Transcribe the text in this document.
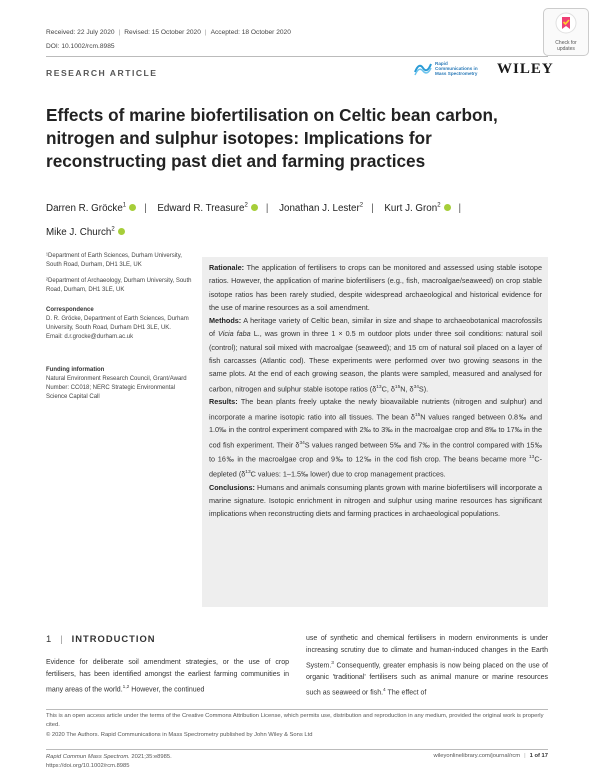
Received: 22 July 2020 | Revised: 15 October 2020 | Accepted: 18 October 2020
DOI: 10.1002/rcm.8985
RESEARCH ARTICLE
Rapid
Communications in
Mass Spectrometry WILEY
Check for
updates
Effects of marine biofertilisation on Celtic bean carbon, nitrogen and sulphur isotopes: Implications for reconstructing past diet and farming practices
Darren R. Gröcke$^1$ | Edward R. Treasure$^2$ | Jonathan J. Lester$^2$ | Kurt J. Gron$^2$ |
Mike J. Church$^2$
¹Department of Earth Sciences, Durham University, South Road, Durham, DH1 3LE, UK
²Department of Archaeology, Durham University, South Road, Durham, DH1 3LE, UK
Correspondence
D. R. Gröcke, Department of Earth Sciences, Durham University, South Road, Durham DH1 3LE, UK.
Email: d.r.grocke@durham.ac.uk
Funding information
Natural Environment Research Council, Grant/Award Number: CC018; NERC Strategic Environmental Science Capital Call

Rationale: The application of fertilisers to crops can be monitored and assessed using stable isotope ratios. However, the application of marine biofertilisers (e.g., fish, macroalgae/seaweed) on crop stable isotope ratios has been rarely studied, despite widespread archaeological and historical evidence for the use of marine resources as a soil amendment.

Methods: A heritage variety of Celtic bean, similar in size and shape to archaeobotanical macrofossils of Vicia faba L., was grown in three 1 × 0.5 m outdoor plots under three soil conditions: natural soil (control); natural soil mixed with macroalgae (seaweed); and 15 cm of natural soil placed on a layer of fish carcasses (Atlantic cod). These experiments were performed over two growing seasons in the same plots. At the end of each growing season, the plants were sampled, measured and analysed for carbon, nitrogen and sulphur stable isotope ratios ($\delta^{13}C$, $\delta^{15}N$, $\delta^{34}S$).

Results: The bean plants freely uptake the newly bioavailable nutrients (nitrogen and sulphur) and incorporate a marine isotopic ratio into all tissues. The bean $\delta^{15}N$ values ranged between 0.8‰ and 1.0‰ in the control experiment compared with 2‰ to 3‰ in the macroalgae crop and 8‰ to 17‰ in the cod fish experiment. Their $\delta^{34}S$ values ranged between 5‰ and 7‰ in the control compared with 15‰ to 16‰ in the macroalgae crop and 9‰ to 12‰ in the cod fish crop. The beans became more $^{13}$C-depleted ($\delta^{13}C$ values: 1–1.5‰ lower) due to crop management practices.

Conclusions: Humans and animals consuming plants grown with marine biofertilisers will incorporate a marine signature. Isotopic enrichment in nitrogen and sulphur using marine resources has significant implications when reconstructing diets and farming practices in archaeological populations.

1 | INTRODUCTION
Evidence for deliberate soil amendment strategies, or the use of crop fertilisers, has been identified amongst the earliest farming communities in many areas of the world.$^{1,2}$ However, the continued
use of synthetic and chemical fertilisers in modern environments is under increasing scrutiny due to climate and human-induced changes in the Earth System.$^3$ Consequently, greater emphasis is now being placed on the use of organic 'traditional' fertilisers such as animal manure or marine resources such as seaweed or fish.$^4$ The effect of
This is an open access article under the terms of the Creative Commons Attribution License, which permits use, distribution and reproduction in any medium, provided the original work is properly cited.
© 2020 The Authors. Rapid Communications in Mass Spectrometry published by John Wiley & Sons Ltd
Rapid Commun Mass Spectrom. 2021;35:e8985.
https://doi.org/10.1002/rcm.8985
wileyonlinelibrary.com/journal/rcm | 1 of 17
